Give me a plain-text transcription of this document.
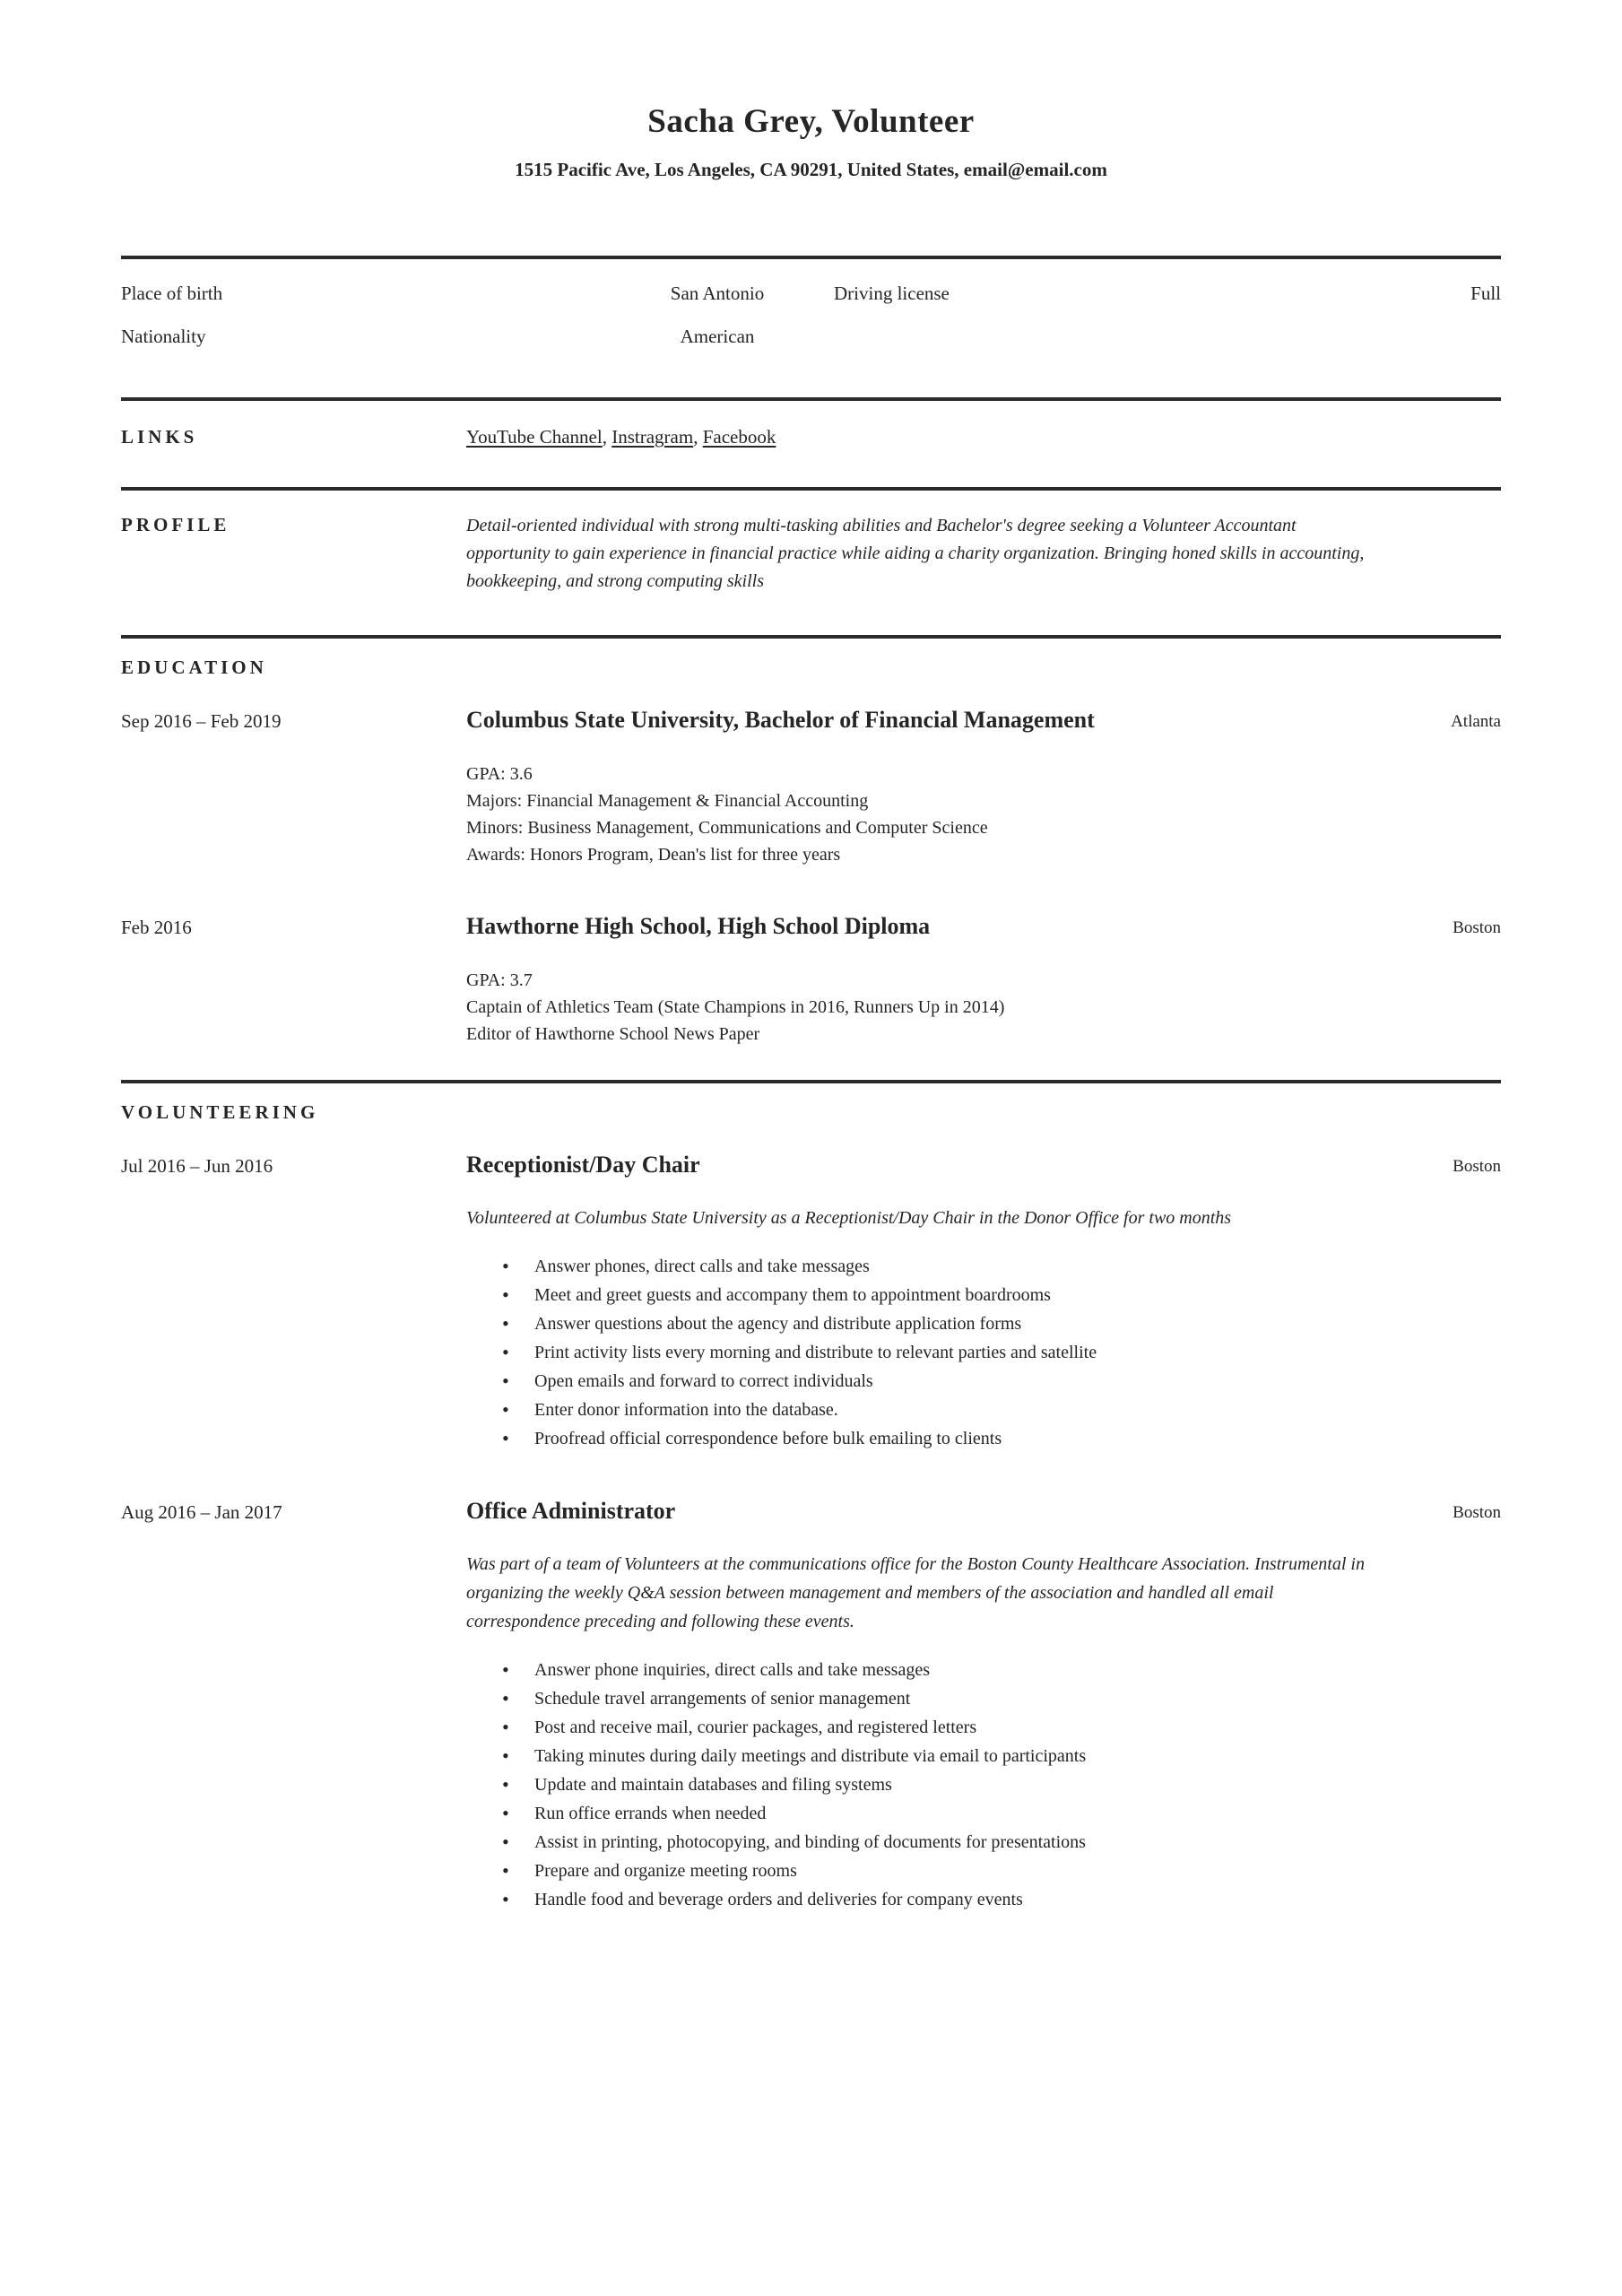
Sacha Grey, Volunteer
1515 Pacific Ave, Los Angeles, CA 90291, United States, email@email.com
Place of birth	San Antonio	Driving license	Full
Nationality	American
LINKS	YouTube Channel, Instragram, Facebook
PROFILE	Detail-oriented individual with strong multi-tasking abilities and Bachelor's degree seeking a Volunteer Accountant opportunity to gain experience in financial practice while aiding a charity organization. Bringing honed skills in accounting, bookkeeping, and strong computing skills
EDUCATION
Sep 2016 – Feb 2019	Columbus State University, Bachelor of Financial Management	Atlanta
GPA: 3.6
Majors: Financial Management & Financial Accounting
Minors: Business Management, Communications and Computer Science
Awards: Honors Program, Dean's list for three years
Feb 2016	Hawthorne High School, High School Diploma	Boston
GPA: 3.7
Captain of Athletics Team (State Champions in 2016, Runners Up in 2014)
Editor of Hawthorne School News Paper
VOLUNTEERING
Jul 2016 – Jun 2016	Receptionist/Day Chair	Boston
Volunteered at Columbus State University as a Receptionist/Day Chair in the Donor Office for two months
• Answer phones, direct calls and take messages
• Meet and greet guests and accompany them to appointment boardrooms
• Answer questions about the agency and distribute application forms
• Print activity lists every morning and distribute to relevant parties and satellite
• Open emails and forward to correct individuals
• Enter donor information into the database.
• Proofread official correspondence before bulk emailing to clients
Aug 2016 – Jan 2017	Office Administrator	Boston
Was part of a team of Volunteers at the communications office for the Boston County Healthcare Association. Instrumental in organizing the weekly Q&A session between management and members of the association and handled all email correspondence preceding and following these events.
• Answer phone inquiries, direct calls and take messages
• Schedule travel arrangements of senior management
• Post and receive mail, courier packages, and registered letters
• Taking minutes during daily meetings and distribute via email to participants
• Update and maintain databases and filing systems
• Run office errands when needed
• Assist in printing, photocopying, and binding of documents for presentations
• Prepare and organize meeting rooms
• Handle food and beverage orders and deliveries for company events
